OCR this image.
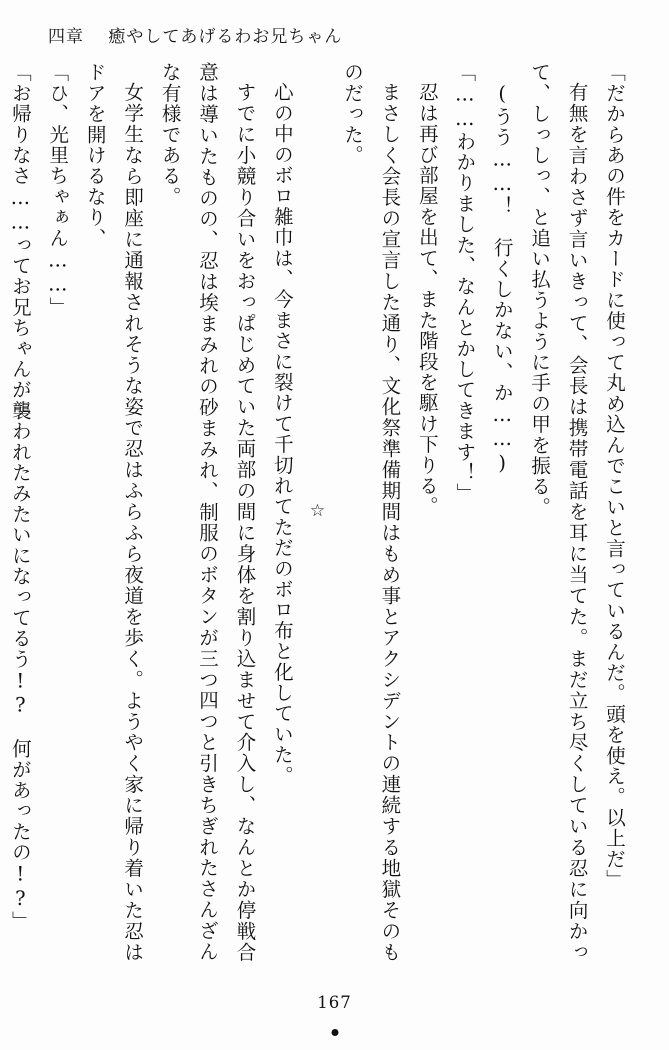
四章 癒やしてあげるわお兄ちゃん

「だからあの件をカードに使って丸め込んでこいと言っているんだ。頭を使え。以上だ」

有無を言わさず言いきって、会長は携帯電話を耳に当てた。まだ立ち尽くしている忍に向かって、しっしっ、と追い払うように手の甲を振る。

(うう……！　行くしかない、か……)

「……わかりました、なんとかしてきます！」

忍は再び部屋を出て、また階段を駆け下りる。

まさしく会長の宣言した通り、文化祭準備期間はもめ事とアクシデントの連続する地獄そのものだった。

☆

心の中のボロ雑巾は、今まさに裂けて千切れてただのボロ布と化していた。

すでに小競り合いをおっぱじめていた両部の間に身体を割り込ませて介入し、なんとか停戦合意は導いたものの、忍は埃まみれの砂まみれ、制服のボタンが三つ四つと引きちぎれたさんざんな有様である。

女学生なら即座に通報されそうな姿で忍はふらふら夜道を歩く。ようやく家に帰り着いた忍はドアを開けるなり、

「ひ、光里ちゃぁん……」

「お帰りなさ……ってお兄ちゃんが襲われたみたいになってるう!?　何があったの!?」

167
